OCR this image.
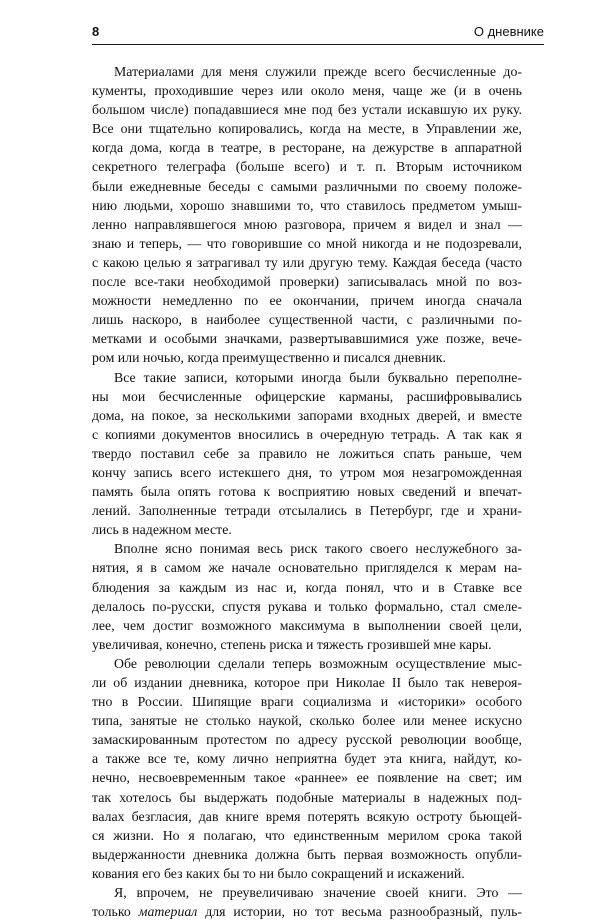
8	О дневнике
Материалами для меня служили прежде всего бесчисленные до-
кументы, проходившие через или около меня, чаще же (и в очень
большом числе) попадавшиеся мне под без устали искавшую их руку.
Все они тщательно копировались, когда на месте, в Управлении же,
когда дома, когда в театре, в ресторане, на дежурстве в аппаратной
секретного телеграфа (больше всего) и т. п. Вторым источником
были ежедневные беседы с самыми различными по своему положе-
нию людьми, хорошо знавшими то, что ставилось предметом умыш-
ленно направлявшегося мною разговора, причем я видел и знал —
знаю и теперь, — что говорившие со мной никогда и не подозревали,
с какою целью я затрагивал ту или другую тему. Каждая беседа (часто
после все-таки необходимой проверки) записывалась мной по воз-
можности немедленно по ее окончании, причем иногда сначала
лишь наскоро, в наиболее существенной части, с различными по-
метками и особыми значками, развертывавшимися уже позже, вече-
ром или ночью, когда преимущественно и писался дневник.
Все такие записи, которыми иногда были буквально переполне-
ны мои бесчисленные офицерские карманы, расшифровывались
дома, на покое, за несколькими запорами входных дверей, и вместе
с копиями документов вносились в очередную тетрадь. А так как я
твердо поставил себе за правило не ложиться спать раньше, чем
кончу запись всего истекшего дня, то утром моя незагроможденная
память была опять готова к восприятию новых сведений и впечат-
лений. Заполненные тетради отсылались в Петербург, где и храни-
лись в надежном месте.
Вполне ясно понимая весь риск такого своего неслужебного за-
нятия, я в самом же начале основательно пригляделся к мерам на-
блюдения за каждым из нас и, когда понял, что и в Ставке все
делалось по-русски, спустя рукава и только формально, стал смеле-
лее, чем достиг возможного максимума в выполнении своей цели,
увеличивая, конечно, степень риска и тяжесть грозившей мне кары.
Обе революции сделали теперь возможным осуществление мыс-
ли об издании дневника, которое при Николае II было так невероя-
тно в России. Шипящие враги социализма и «историки» особого
типа, занятые не столько наукой, сколько более или менее искусно
замаскированным протестом по адресу русской революции вообще,
а также все те, кому лично неприятна будет эта книга, найдут, ко-
нечно, несвоевременным такое «раннее» ее появление на свет; им
так хотелось бы выдержать подобные материалы в надежных под-
валах безгласия, дав книге время потерять всякую остроту бьющей-
ся жизни. Но я полагаю, что единственным мерилом срока такой
выдержанности дневника должна быть первая возможность опубли-
кования его без каких бы то ни было сокращений и искажений.
Я, впрочем, не преувеличиваю значение своей книги. Это —
только материал для истории, но тот весьма разнообразный, пуль-
